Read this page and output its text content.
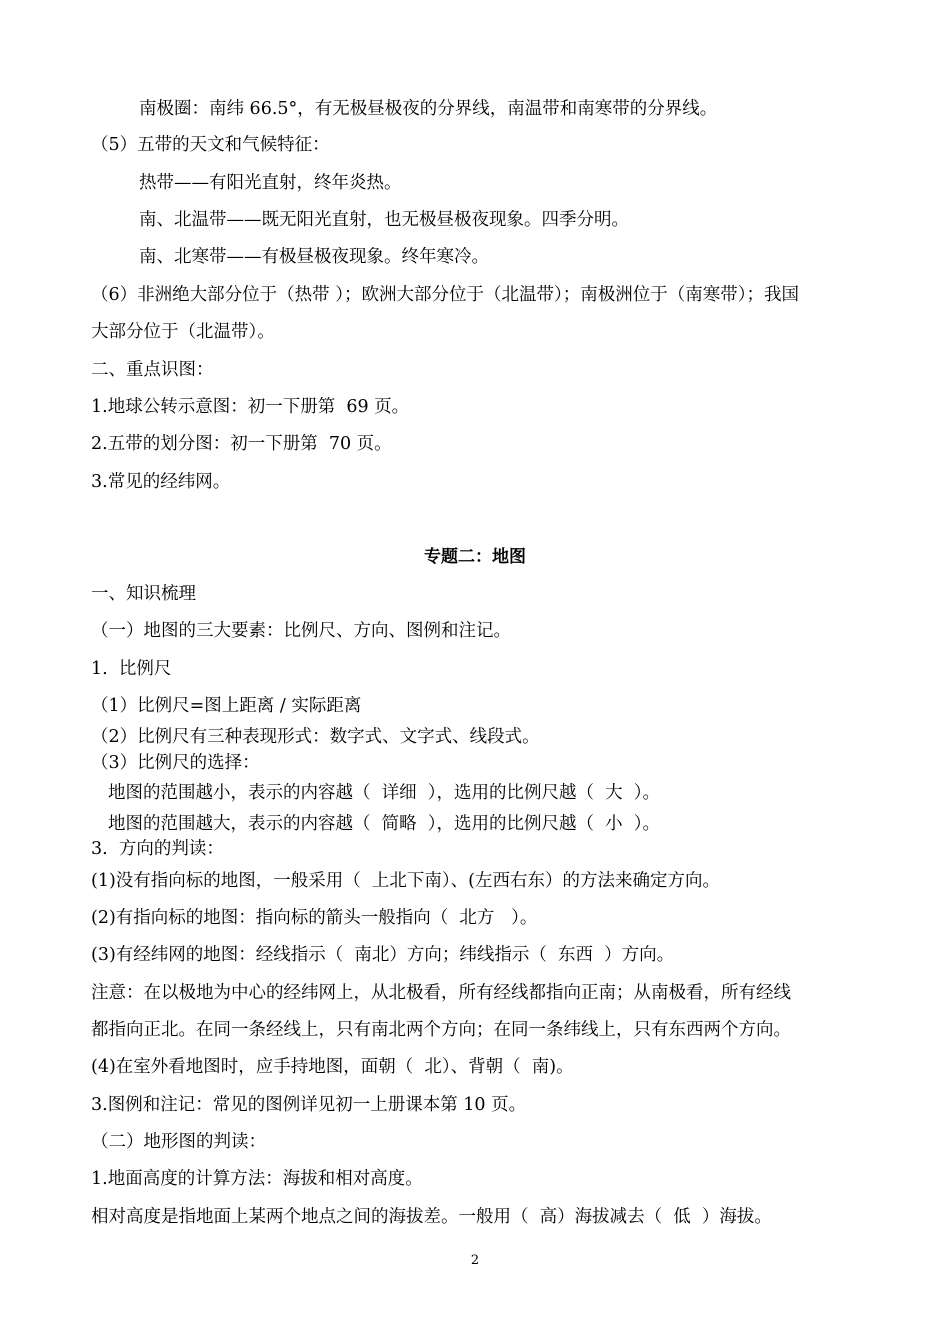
南极圈：南纬 66.5°，有无极昼极夜的分界线，南温带和南寒带的分界线。
（5）五带的天文和气候特征：
热带——有阳光直射，终年炎热。
南、北温带——既无阳光直射，也无极昼极夜现象。四季分明。
南、北寒带——有极昼极夜现象。终年寒冷。
（6）非洲绝大部分位于（热带 ）；欧洲大部分位于（北温带）；南极洲位于（南寒带）；我国
大部分位于（北温带）。
二、重点识图：
1.地球公转示意图：初一下册第  69 页。
2.五带的划分图：初一下册第  70 页。
3.常见的经纬网。
专题二：地图
一、知识梳理
（一）地图的三大要素：比例尺、方向、图例和注记。
1.  比例尺
（1）比例尺=图上距离 / 实际距离
（2）比例尺有三种表现形式：数字式、文字式、线段式。
（3）比例尺的选择：
地图的范围越小，表示的内容越（  详细  ），选用的比例尺越（  大  ）。
地图的范围越大，表示的内容越（  简略  ），选用的比例尺越（  小  ）。
3.  方向的判读：
(1)没有指向标的地图，一般采用（  上北下南）、(左西右东）的方法来确定方向。
(2)有指向标的地图：指向标的箭头一般指向（  北方   ）。
(3)有经纬网的地图：经线指示（  南北）方向；纬线指示（  东西  ）方向。
注意：在以极地为中心的经纬网上，从北极看，所有经线都指向正南；从南极看，所有经线
都指向正北。在同一条经线上，只有南北两个方向；在同一条纬线上，只有东西两个方向。
(4)在室外看地图时，应手持地图，面朝（  北）、背朝（  南)。
3.图例和注记：常见的图例详见初一上册课本第 10 页。
（二）地形图的判读：
1.地面高度的计算方法：海拔和相对高度。
相对高度是指地面上某两个地点之间的海拔差。一般用（  高）海拔减去（  低  ）海拔。
2
